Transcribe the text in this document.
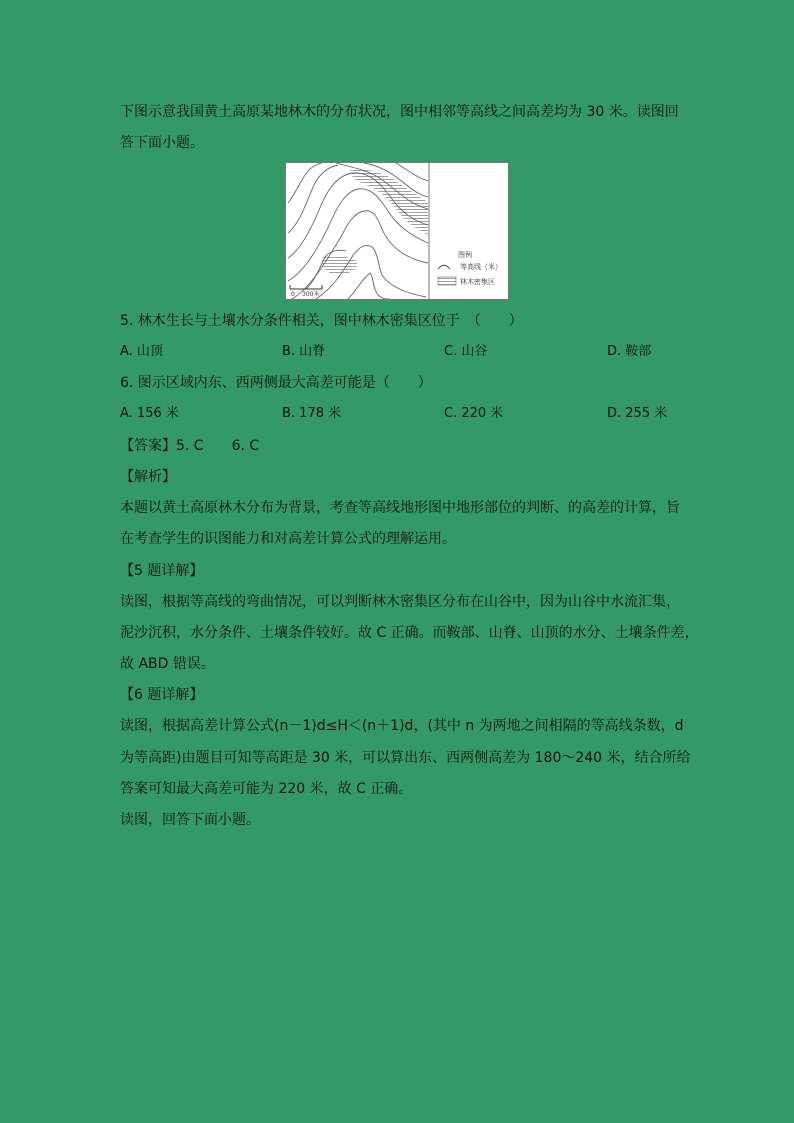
下图示意我国黄土高原某地林木的分布状况，图中相邻等高线之间高差均为 30 米。读图回
答下面小题。
0 300米
图例
等高线（米）
林木密集区
5. 林木生长与土壤水分条件相关，图中林木密集区位于　（　　）
A. 山顶	B. 山脊	C. 山谷	D. 鞍部
6. 图示区域内东、西两侧最大高差可能是（　　）
A. 156 米	B. 178 米	C. 220 米	D. 255 米
【答案】5. C　　6. C
【解析】
本题以黄土高原林木分布为背景，考查等高线地形图中地形部位的判断、的高差的计算，旨
在考查学生的识图能力和对高差计算公式的理解运用。
【5 题详解】
读图，根据等高线的弯曲情况，可以判断林木密集区分布在山谷中，因为山谷中水流汇集，
泥沙沉积，水分条件、土壤条件较好。故 C 正确。而鞍部、山脊、山顶的水分、土壤条件差，
故 ABD 错误。
【6 题详解】
读图，根据高差计算公式(n－1)d≤H＜(n＋1)d，(其中 n 为两地之间相隔的等高线条数，d
为等高距)由题目可知等高距是 30 米，可以算出东、西两侧高差为 180～240 米，结合所给
答案可知最大高差可能为 220 米，故 C 正确。
读图，回答下面小题。
